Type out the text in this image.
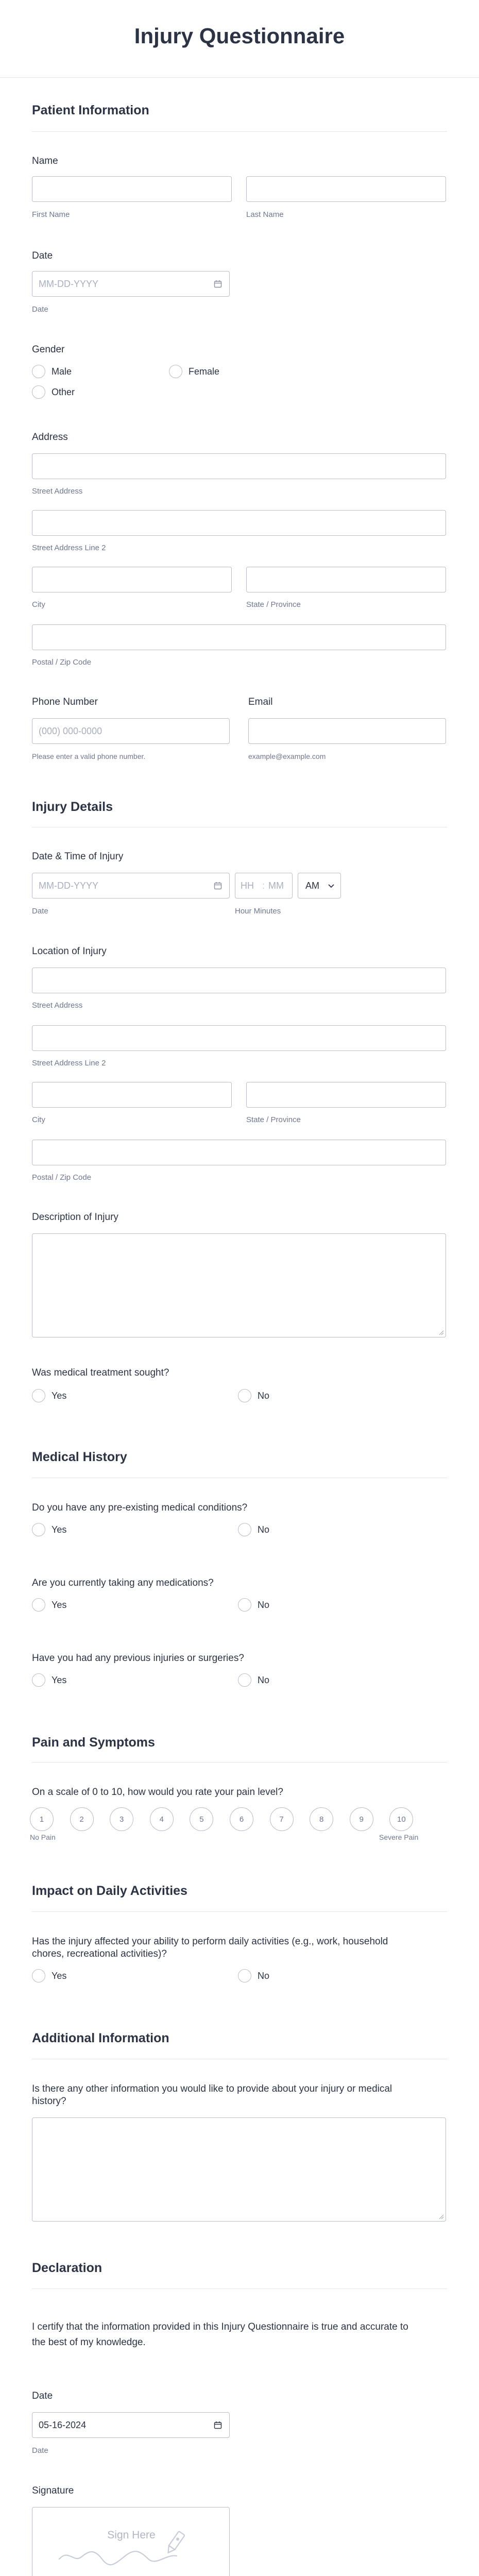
Injury Questionnaire
Patient Information
Name
First Name	Last Name
Date
MM-DD-YYYY
Date
Gender
Male	Female
Other
Address
Street Address
Street Address Line 2
City	State / Province
Postal / Zip Code
Phone Number
(000) 000-0000
Please enter a valid phone number.
Email
example@example.com
Injury Details
Date & Time of Injury
MM-DD-YYYY
Date
HH : MM
Hour Minutes
AM
Location of Injury
Street Address
Street Address Line 2
City	State / Province
Postal / Zip Code
Description of Injury
Was medical treatment sought?
Yes	No
Medical History
Do you have any pre-existing medical conditions?
Yes	No
Are you currently taking any medications?
Yes	No
Have you had any previous injuries or surgeries?
Yes	No
Pain and Symptoms
On a scale of 0 to 10, how would you rate your pain level?
1	2	3	4	5	6	7	8	9	10
No Pain	Severe Pain
Impact on Daily Activities
Has the injury affected your ability to perform daily activities (e.g., work, household
chores, recreational activities)?
Yes	No
Additional Information
Is there any other information you would like to provide about your injury or medical
history?
Declaration
I certify that the information provided in this Injury Questionnaire is true and accurate to
the best of my knowledge.
Date
05-16-2024
Date
Signature
Sign Here
